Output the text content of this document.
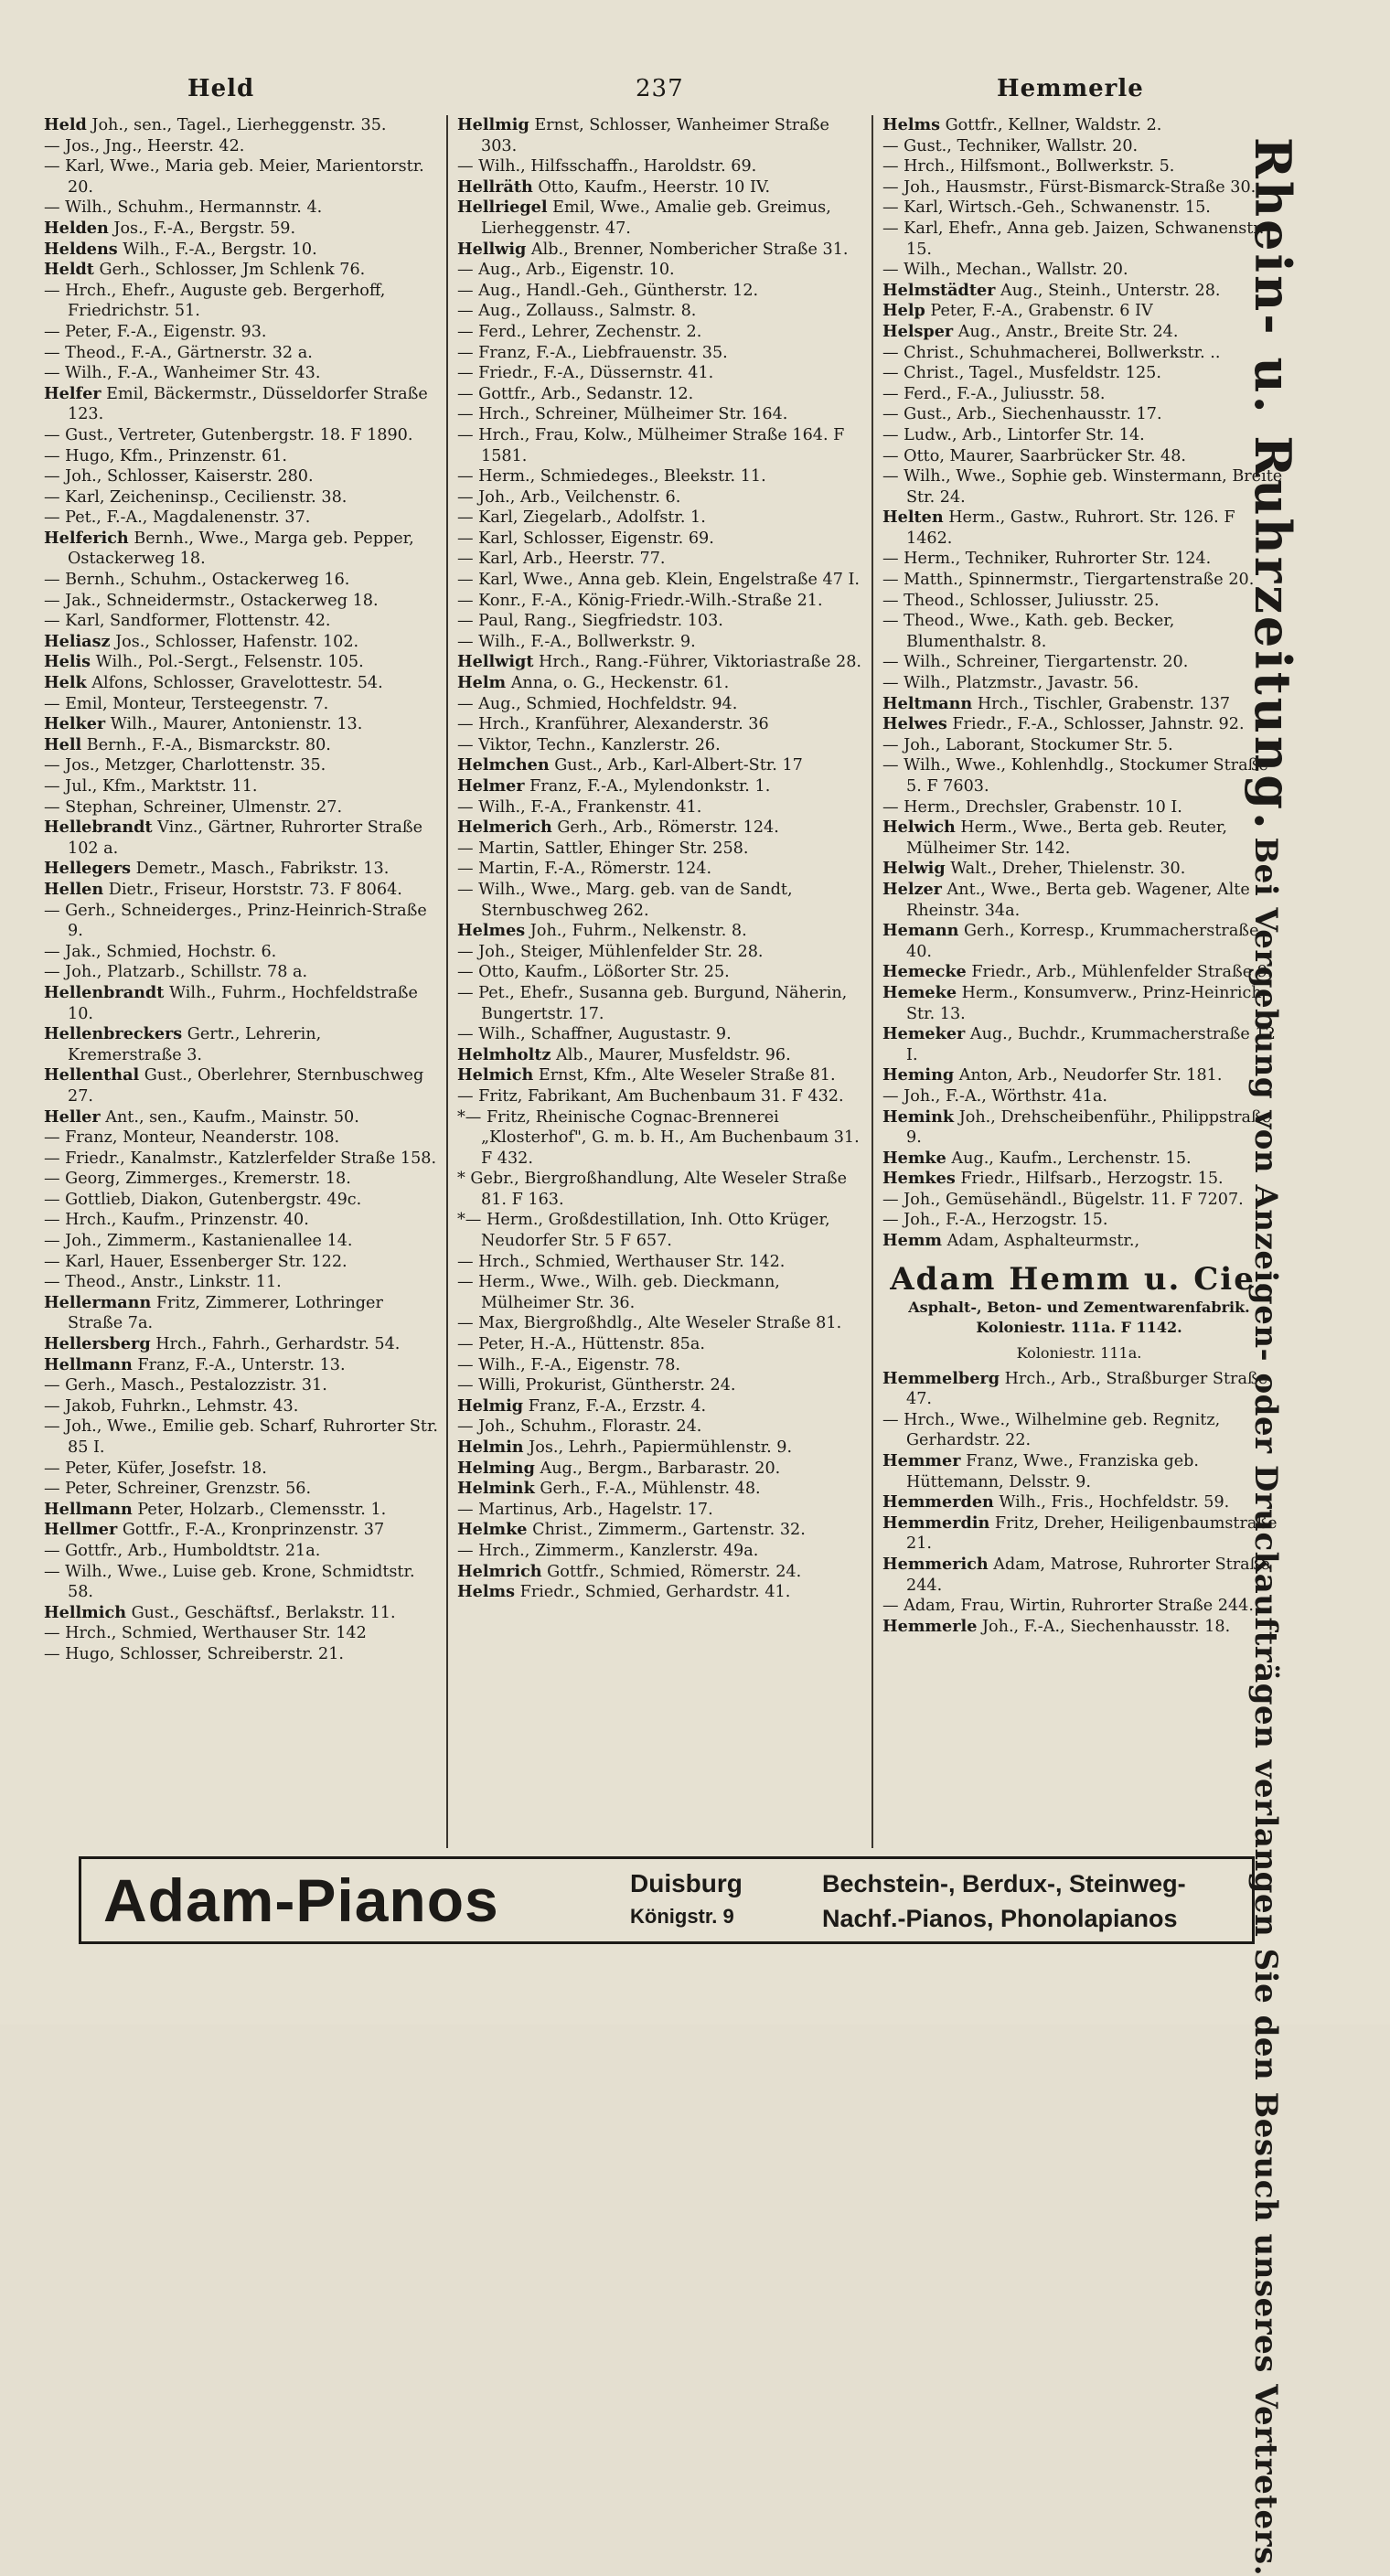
Held	237	Hemmerle

Held Joh., sen., Tagel., Lierheggenstr. 35.

— Jos., Jng., Heerstr. 42.

— Karl, Wwe., Maria geb. Meier, Marientorstr. 20.

— Wilh., Schuhm., Hermannstr. 4.

Helden Jos., F.-A., Bergstr. 59.

Heldens Wilh., F.-A., Bergstr. 10.

Heldt Gerh., Schlosser, Jm Schlenk 76.

— Hrch., Ehefr., Auguste geb. Bergerhoff, Friedrichstr. 51.

— Peter, F.-A., Eigenstr. 93.

— Theod., F.-A., Gärtnerstr. 32 a.

— Wilh., F.-A., Wanheimer Str. 43.

Helfer Emil, Bäckermstr., Düsseldorfer Straße 123.

— Gust., Vertreter, Gutenbergstr. 18. F 1890.

— Hugo, Kfm., Prinzenstr. 61.

— Joh., Schlosser, Kaiserstr. 280.

— Karl, Zeicheninsp., Cecilienstr. 38.

— Pet., F.-A., Magdalenenstr. 37.

Helferich Bernh., Wwe., Marga geb. Pepper, Ostackerweg 18.

— Bernh., Schuhm., Ostackerweg 16.

— Jak., Schneidermstr., Ostackerweg 18.

— Karl, Sandformer, Flottenstr. 42.

Heliasz Jos., Schlosser, Hafenstr. 102.

Helis Wilh., Pol.-Sergt., Felsenstr. 105.

Helk Alfons, Schlosser, Gravelottestr. 54.

— Emil, Monteur, Tersteegenstr. 7.

Helker Wilh., Maurer, Antonienstr. 13.

Hell Bernh., F.-A., Bismarckstr. 80.

— Jos., Metzger, Charlottenstr. 35.

— Jul., Kfm., Marktstr. 11.

— Stephan, Schreiner, Ulmenstr. 27.

Hellebrandt Vinz., Gärtner, Ruhrorter Straße 102 a.

Hellegers Demetr., Masch., Fabrikstr. 13.

Hellen Dietr., Friseur, Horststr. 73. F 8064.

— Gerh., Schneiderges., Prinz-Heinrich-Straße 9.

— Jak., Schmied, Hochstr. 6.

— Joh., Platzarb., Schillstr. 78 a.

Hellenbrandt Wilh., Fuhrm., Hochfeldstraße 10.

Hellenbreckers Gertr., Lehrerin, Kremerstraße 3.

Hellenthal Gust., Oberlehrer, Sternbuschweg 27.

Heller Ant., sen., Kaufm., Mainstr. 50.

— Franz, Monteur, Neanderstr. 108.

— Friedr., Kanalmstr., Katzlerfelder Straße 158.

— Georg, Zimmerges., Kremerstr. 18.

— Gottlieb, Diakon, Gutenbergstr. 49c.

— Hrch., Kaufm., Prinzenstr. 40.

— Joh., Zimmerm., Kastanienallee 14.

— Karl, Hauer, Essenberger Str. 122.

— Theod., Anstr., Linkstr. 11.

Hellermann Fritz, Zimmerer, Lothringer Straße 7a.

Hellersberg Hrch., Fahrh., Gerhardstr. 54.

Hellmann Franz, F.-A., Unterstr. 13.

— Gerh., Masch., Pestalozzistr. 31.

— Jakob, Fuhrkn., Lehmstr. 43.

— Joh., Wwe., Emilie geb. Scharf, Ruhrorter Str. 85 I.

— Peter, Küfer, Josefstr. 18.

— Peter, Schreiner, Grenzstr. 56.

Hellmann Peter, Holzarb., Clemensstr. 1.

Hellmer Gottfr., F.-A., Kronprinzenstr. 37

— Gottfr., Arb., Humboldtstr. 21a.

— Wilh., Wwe., Luise geb. Krone, Schmidtstr. 58.

Hellmich Gust., Geschäftsf., Berlakstr. 11.

— Hrch., Schmied, Werthauser Str. 142

— Hugo, Schlosser, Schreiberstr. 21.

Hellmig Ernst, Schlosser, Wanheimer Straße 303.

— Wilh., Hilfsschaffn., Haroldstr. 69.

Hellräth Otto, Kaufm., Heerstr. 10 IV.

Hellriegel Emil, Wwe., Amalie geb. Greimus, Lierheggenstr. 47.

Hellwig Alb., Brenner, Nombericher Straße 31.

— Aug., Arb., Eigenstr. 10.

— Aug., Handl.-Geh., Güntherstr. 12.

— Aug., Zollauss., Salmstr. 8.

— Ferd., Lehrer, Zechenstr. 2.

— Franz, F.-A., Liebfrauenstr. 35.

— Friedr., F.-A., Düssernstr. 41.

— Gottfr., Arb., Sedanstr. 12.

— Hrch., Schreiner, Mülheimer Str. 164.

— Hrch., Frau, Kolw., Mülheimer Straße 164. F 1581.

— Herm., Schmiedeges., Bleekstr. 11.

— Joh., Arb., Veilchenstr. 6.

— Karl, Ziegelarb., Adolfstr. 1.

— Karl, Schlosser, Eigenstr. 69.

— Karl, Arb., Heerstr. 77.

— Karl, Wwe., Anna geb. Klein, Engelstraße 47 I.

— Konr., F.-A., König-Friedr.-Wilh.-Straße 21.

— Paul, Rang., Siegfriedstr. 103.

— Wilh., F.-A., Bollwerkstr. 9.

Hellwigt Hrch., Rang.-Führer, Viktoriastraße 28.

Helm Anna, o. G., Heckenstr. 61.

— Aug., Schmied, Hochfeldstr. 94.

— Hrch., Kranführer, Alexanderstr. 36

— Viktor, Techn., Kanzlerstr. 26.

Helmchen Gust., Arb., Karl-Albert-Str. 17

Helmer Franz, F.-A., Mylendonkstr. 1.

— Wilh., F.-A., Frankenstr. 41.

Helmerich Gerh., Arb., Römerstr. 124.

— Martin, Sattler, Ehinger Str. 258.

— Martin, F.-A., Römerstr. 124.

— Wilh., Wwe., Marg. geb. van de Sandt, Sternbuschweg 262.

Helmes Joh., Fuhrm., Nelkenstr. 8.

— Joh., Steiger, Mühlenfelder Str. 28.

— Otto, Kaufm., Lößorter Str. 25.

— Pet., Ehefr., Susanna geb. Burgund, Näherin, Bungertstr. 17.

— Wilh., Schaffner, Augustastr. 9.

Helmholtz Alb., Maurer, Musfeldstr. 96.

Helmich Ernst, Kfm., Alte Weseler Straße 81.

— Fritz, Fabrikant, Am Buchenbaum 31. F 432.

*— Fritz, Rheinische Cognac-Brennerei „Klosterhof", G. m. b. H., Am Buchenbaum 31. F 432.

* Gebr., Biergroßhandlung, Alte Weseler Straße 81. F 163.

*— Herm., Großdestillation, Inh. Otto Krüger, Neudorfer Str. 5 F 657.

— Hrch., Schmied, Werthauser Str. 142.

— Herm., Wwe., Wilh. geb. Dieckmann, Mülheimer Str. 36.

— Max, Biergroßhdlg., Alte Weseler Straße 81.

— Peter, H.-A., Hüttenstr. 85a.

— Wilh., F.-A., Eigenstr. 78.

— Willi, Prokurist, Güntherstr. 24.

Helmig Franz, F.-A., Erzstr. 4.

— Joh., Schuhm., Florastr. 24.

Helmin Jos., Lehrh., Papiermühlenstr. 9.

Helming Aug., Bergm., Barbarastr. 20.

Helmink Gerh., F.-A., Mühlenstr. 48.

— Martinus, Arb., Hagelstr. 17.

Helmke Christ., Zimmerm., Gartenstr. 32.

— Hrch., Zimmerm., Kanzlerstr. 49a.

Helmrich Gottfr., Schmied, Römerstr. 24.

Helms Friedr., Schmied, Gerhardstr. 41.

Helms Gottfr., Kellner, Waldstr. 2.

— Gust., Techniker, Wallstr. 20.

— Hrch., Hilfsmont., Bollwerkstr. 5.

— Joh., Hausmstr., Fürst-Bismarck-Straße 30.

— Karl, Wirtsch.-Geh., Schwanenstr. 15.

— Karl, Ehefr., Anna geb. Jaizen, Schwanenstr. 15.

— Wilh., Mechan., Wallstr. 20.

Helmstädter Aug., Steinh., Unterstr. 28.

Help Peter, F.-A., Grabenstr. 6 IV

Helsper Aug., Anstr., Breite Str. 24.

— Christ., Schuhmacherei, Bollwerkstr. ..

— Christ., Tagel., Musfeldstr. 125.

— Ferd., F.-A., Juliusstr. 58.

— Gust., Arb., Siechenhausstr. 17.

— Ludw., Arb., Lintorfer Str. 14.

— Otto, Maurer, Saarbrücker Str. 48.

— Wilh., Wwe., Sophie geb. Winstermann, Breite Str. 24.

Helten Herm., Gastw., Ruhrort. Str. 126. F 1462.

— Herm., Techniker, Ruhrorter Str. 124.

— Matth., Spinnermstr., Tiergartenstraße 20.

— Theod., Schlosser, Juliusstr. 25.

— Theod., Wwe., Kath. geb. Becker, Blumenthalstr. 8.

— Wilh., Schreiner, Tiergartenstr. 20.

— Wilh., Platzmstr., Javastr. 56.

Heltmann Hrch., Tischler, Grabenstr. 137

Helwes Friedr., F.-A., Schlosser, Jahnstr. 92.

— Joh., Laborant, Stockumer Str. 5.

— Wilh., Wwe., Kohlenhdlg., Stockumer Straße 5. F 7603.

— Herm., Drechsler, Grabenstr. 10 I.

Helwich Herm., Wwe., Berta geb. Reuter, Mülheimer Str. 142.

Helwig Walt., Dreher, Thielenstr. 30.

Helzer Ant., Wwe., Berta geb. Wagener, Alte Rheinstr. 34a.

Hemann Gerh., Korresp., Krummacherstraße 40.

Hemecke Friedr., Arb., Mühlenfelder Straße 9.

Hemeke Herm., Konsumverw., Prinz-Heinrich-Str. 13.

Hemeker Aug., Buchdr., Krummacherstraße 12 I.

Heming Anton, Arb., Neudorfer Str. 181.

— Joh., F.-A., Wörthstr. 41a.

Hemink Joh., Drehscheibenführ., Philippstraße 9.

Hemke Aug., Kaufm., Lerchenstr. 15.

Hemkes Friedr., Hilfsarb., Herzogstr. 15.

— Joh., Gemüsehändl., Bügelstr. 11. F 7207.

— Joh., F.-A., Herzogstr. 15.

Hemm Adam, Asphalteurmstr.,

Adam Hemm u. Cie.
Asphalt-, Beton- und Zementwarenfabrik.
Koloniestr. 111a. F 1142.
Koloniestr. 111a.

Hemmelberg Hrch., Arb., Straßburger Straße 47.

— Hrch., Wwe., Wilhelmine geb. Regnitz, Gerhardstr. 22.

Hemmer Franz, Wwe., Franziska geb. Hüttemann, Delsstr. 9.

Hemmerden Wilh., Fris., Hochfeldstr. 59.

Hemmerdin Fritz, Dreher, Heiligenbaumstraße 21.

Hemmerich Adam, Matrose, Ruhrorter Straße 244.

— Adam, Frau, Wirtin, Ruhrorter Straße 244.

Hemmerle Joh., F.-A., Siechenhausstr. 18.

Rhein- u. Ruhrzeitung. Bei Vergebung von Anzeigen- oder Druckaufträgen verlangen Sie den Besuch unseres Vertreters.
Adam-Pianos	Duisburg
Königstr. 9
Bechstein-, Berdux-, Steinweg-
Nachf.-Pianos, Phonolapianos
